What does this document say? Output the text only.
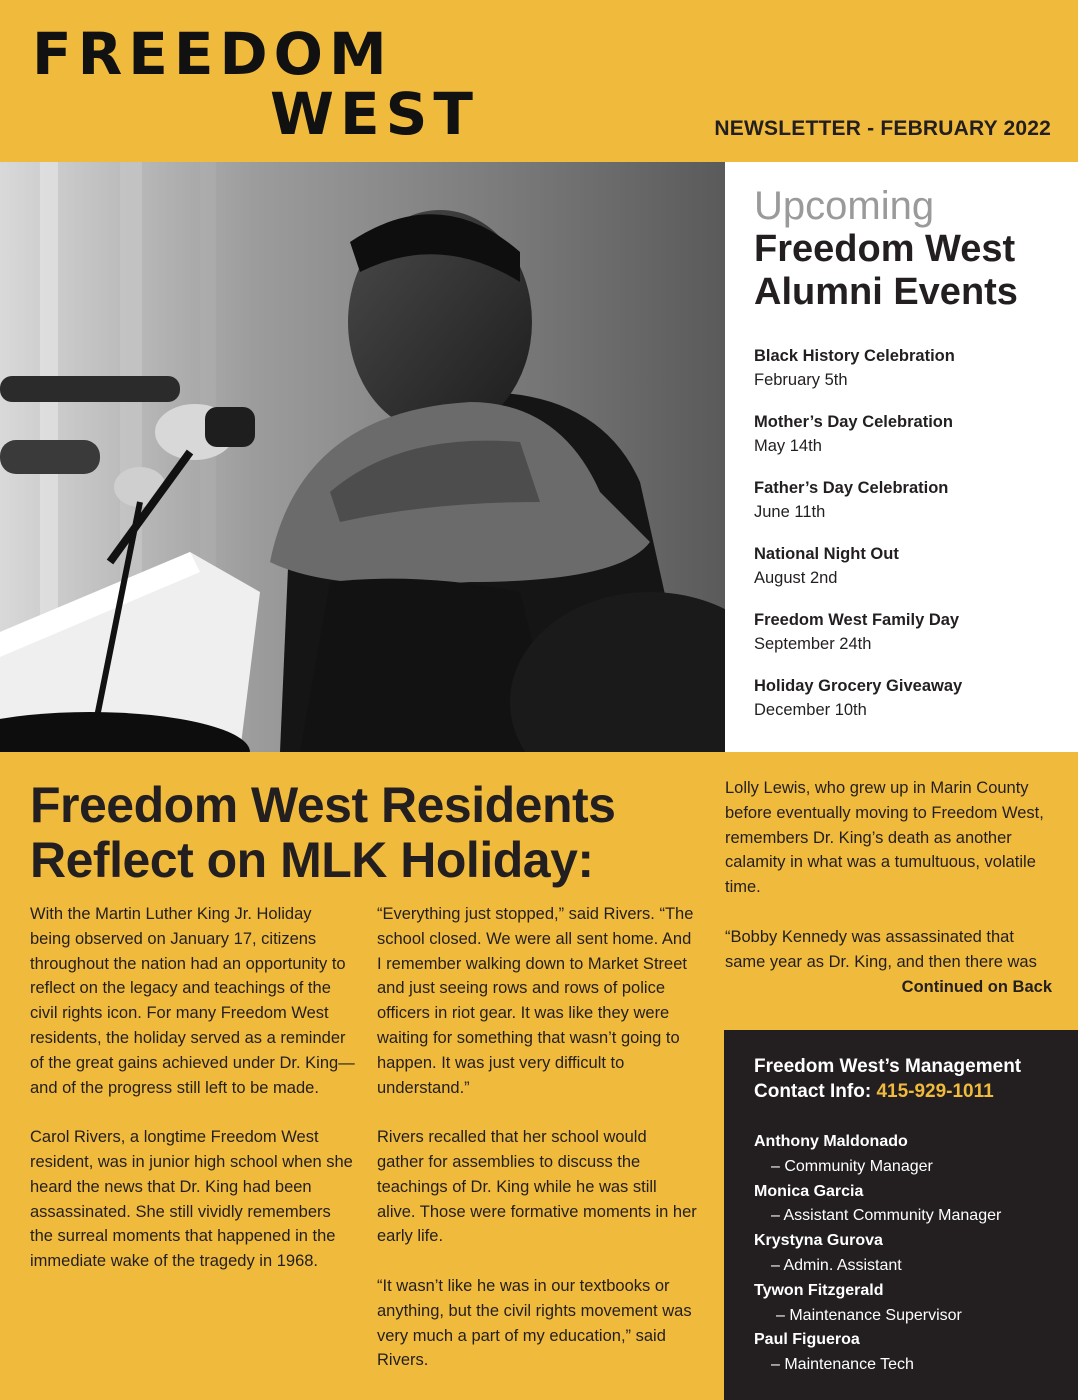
FREEDOM
WEST	NEWSLETTER - FEBRUARY 2022
Upcoming
Freedom West
Alumni Events
Black History Celebration
February 5th
Mother’s Day Celebration
May 14th
Father’s Day Celebration
June 11th
National Night Out
August 2nd
Freedom West Family Day
September 24th
Holiday Grocery Giveaway
December 10th
Freedom West Residents
Reflect on MLK Holiday:

With the Martin Luther King Jr. Holiday being observed on January 17, citizens throughout the nation had an opportunity to reflect on the legacy and teachings of the civil rights icon. For many Freedom West residents, the holiday served as a reminder of the great gains achieved under Dr. King—and of the progress still left to be made.

Carol Rivers, a longtime Freedom West resident, was in junior high school when she heard the news that Dr. King had been assassinated. She still vividly remembers the surreal moments that happened in the immediate wake of the tragedy in 1968.

“Everything just stopped,” said Rivers. “The school closed. We were all sent home. And I remember walking down to Market Street and just seeing rows and rows of police officers in riot gear. It was like they were waiting for something that wasn’t going to happen. It was just very difficult to understand.”

Rivers recalled that her school would gather for assemblies to discuss the teachings of Dr. King while he was still alive. Those were formative moments in her early life.

“It wasn’t like he was in our textbooks or anything, but the civil rights movement was very much a part of my education,” said Rivers.

Lolly Lewis, who grew up in Marin County before eventually moving to Freedom West, remembers Dr. King’s death as another calamity in what was a tumultuous, volatile time.

“Bobby Kennedy was assassinated that same year as Dr. King, and then there was

Continued on Back
Freedom West’s Management
Contact Info: 415-929-1011
Anthony Maldonado
– Community Manager
Monica Garcia
– Assistant Community Manager
Krystyna Gurova
– Admin. Assistant
Tywon Fitzgerald
– Maintenance Supervisor
Paul Figueroa
– Maintenance Tech
